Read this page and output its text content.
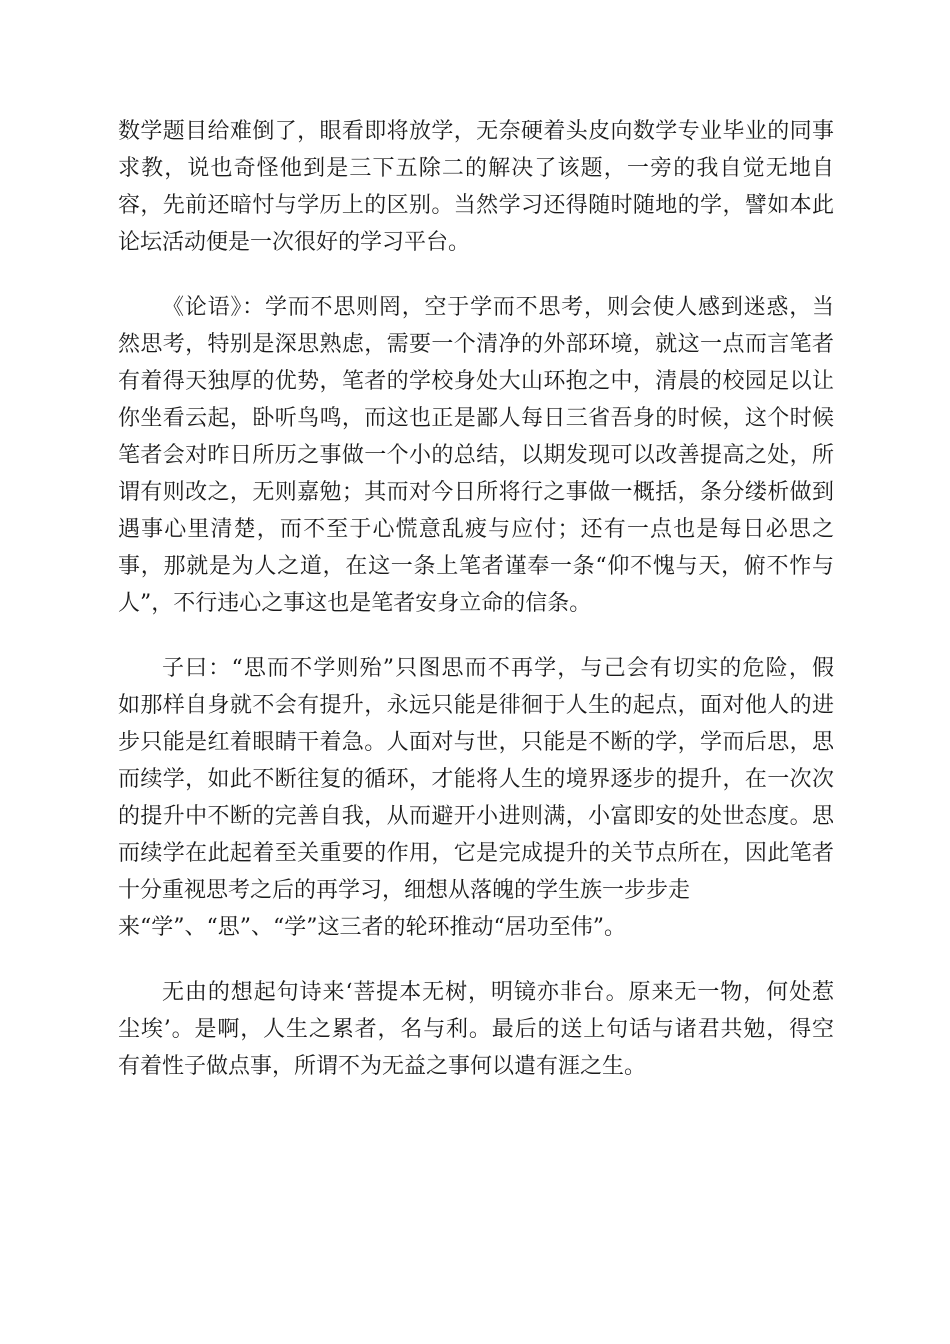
数学题目给难倒了，眼看即将放学，无奈硬着头皮向数学专业毕业的同事
求教，说也奇怪他到是三下五除二的解决了该题，一旁的我自觉无地自
容，先前还暗忖与学历上的区别。当然学习还得随时随地的学，譬如本此
论坛活动便是一次很好的学习平台。
《论语》：学而不思则罔，空于学而不思考，则会使人感到迷惑，当
然思考，特别是深思熟虑，需要一个清净的外部环境，就这一点而言笔者
有着得天独厚的优势，笔者的学校身处大山环抱之中，清晨的校园足以让
你坐看云起，卧听鸟鸣，而这也正是鄙人每日三省吾身的时候，这个时候
笔者会对昨日所历之事做一个小的总结，以期发现可以改善提高之处，所
谓有则改之，无则嘉勉；其而对今日所将行之事做一概括，条分缕析做到
遇事心里清楚，而不至于心慌意乱疲与应付；还有一点也是每日必思之
事，那就是为人之道，在这一条上笔者谨奉一条“仰不愧与天，俯不怍与
人”，不行违心之事这也是笔者安身立命的信条。
子曰：“思而不学则殆”只图思而不再学，与己会有切实的危险，假
如那样自身就不会有提升，永远只能是徘徊于人生的起点，面对他人的进
步只能是红着眼睛干着急。人面对与世，只能是不断的学，学而后思，思
而续学，如此不断往复的循环，才能将人生的境界逐步的提升，在一次次
的提升中不断的完善自我，从而避开小进则满，小富即安的处世态度。思
而续学在此起着至关重要的作用，它是完成提升的关节点所在，因此笔者
十分重视思考之后的再学习，细想从落魄的学生族一步步走
来“学”、“思”、“学”这三者的轮环推动“居功至伟”。
无由的想起句诗来‘菩提本无树，明镜亦非台。原来无一物，何处惹
尘埃’。是啊，人生之累者，名与利。最后的送上句话与诸君共勉，得空
有着性子做点事，所谓不为无益之事何以遣有涯之生。
